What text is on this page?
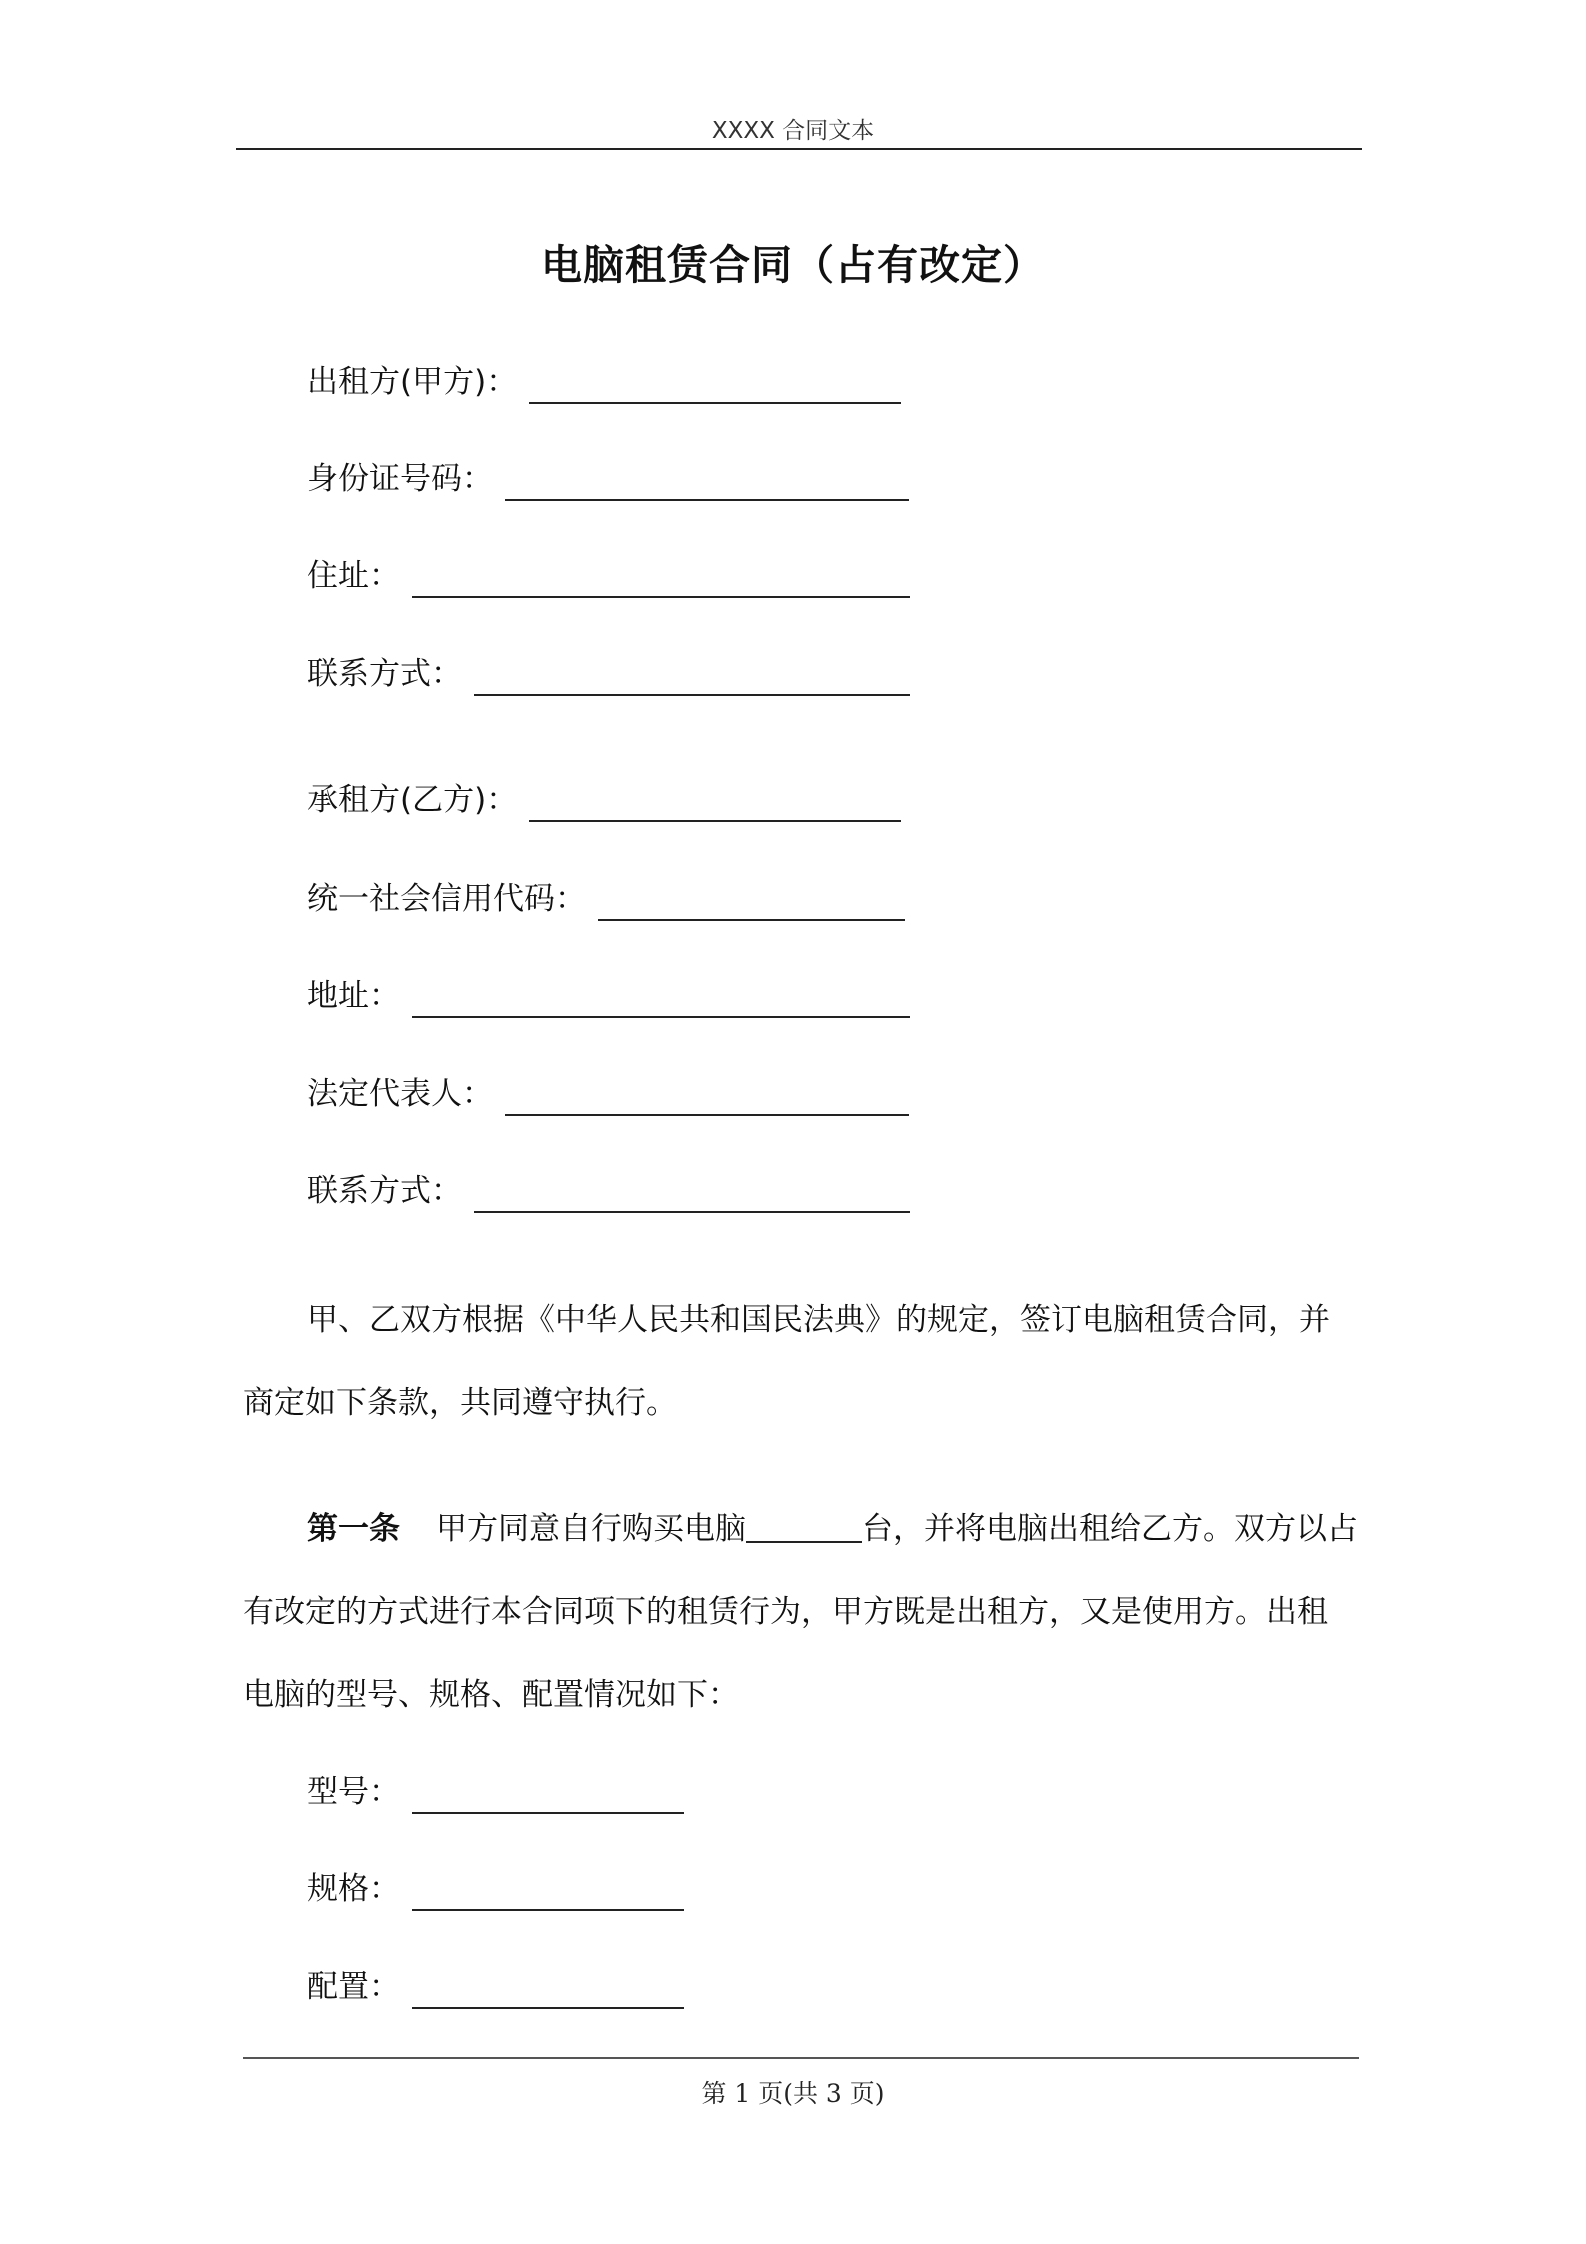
XXXX 合同文本
电脑租赁合同（占有改定）
出租方(甲方)：
身份证号码：
住址：
联系方式：
承租方(乙方)：
统一社会信用代码：
地址：
法定代表人：
联系方式：
甲、乙双方根据《中华人民共和国民法典》的规定，签订电脑租赁合同，并商定如下条款，共同遵守执行。
第一条 甲方同意自行购买电脑	台，并将电脑出租给乙方。双方以占有改定的方式进行本合同项下的租赁行为，甲方既是出租方，又是使用方。出租电脑的型号、规格、配置情况如下：
型号：
规格：
配置：
第 1 页(共 3 页)
